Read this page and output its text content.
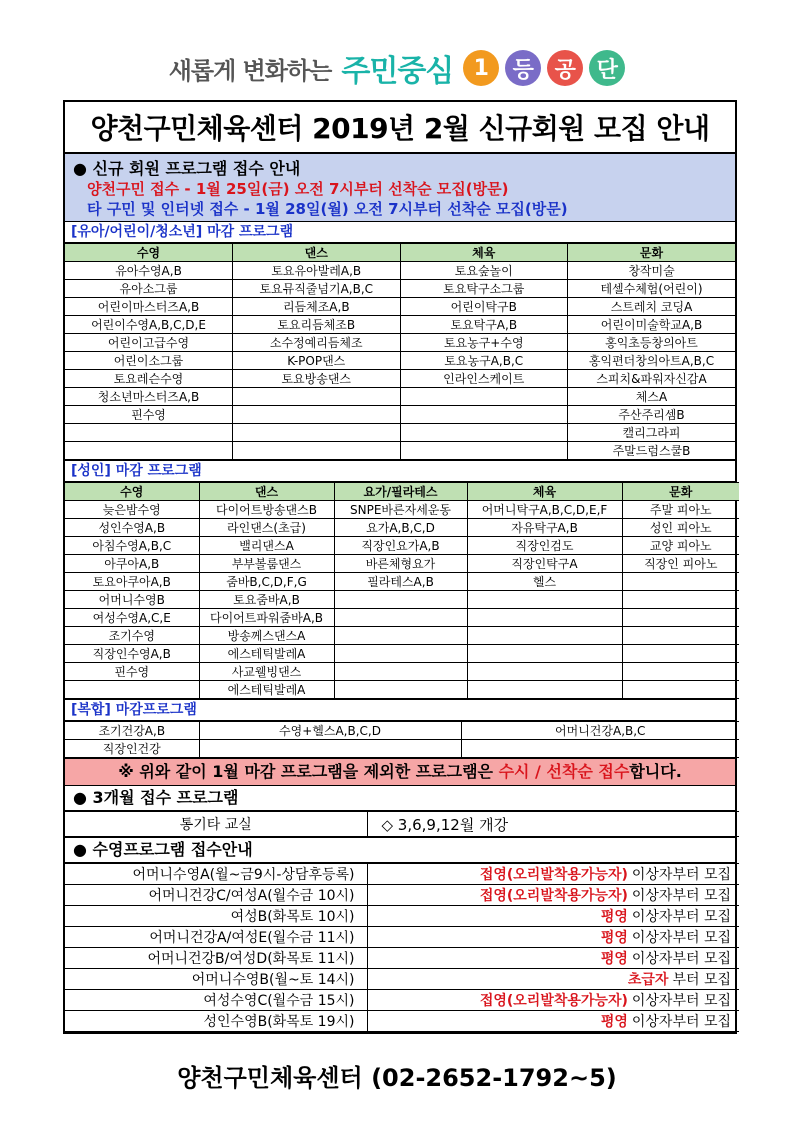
새롭게 변화하는 주민중심 1	등 공 단
양천구민체육센터 2019년 2월 신규회원 모집 안내
● 신규 회원 프로그램 접수 안내
양천구민 접수 - 1월 25일(금) 오전 7시부터 선착순 모집(방문)
타 구민 및 인터넷 접수 - 1월 28일(월) 오전 7시부터 선착순 모집(방문)
[유아/어린이/청소년] 마감 프로그램
수영	댄스	체육	문화
유아수영A,B	토요유아발레A,B	토요숲놀이	창작미술
유아소그룹	토요뮤직줄넘기A,B,C	토요탁구소그룹	테셀수체험(어린이)
어린이마스터즈A,B	리듬체조A,B	어린이탁구B	스트레치 코딩A
어린이수영A,B,C,D,E	토요리듬체조B	토요탁구A,B	어린이미술학교A,B
어린이고급수영	소수정예리듬체조	토요농구+수영	홍익초등창의아트
어린이소그룹	K-POP댄스	토요농구A,B,C	홍익편더창의아트A,B,C
토요레슨수영	토요방송댄스	인라인스케이트	스피치&파워자신감A
청소년마스터즈A,B			체스A
핀수영			주산주리셈B
			캘리그라피
			주말드럼스쿨B
[성인] 마감 프로그램
수영	댄스	요가/필라테스	체육	문화
늦은밤수영	다이어트방송댄스B	SNPE바른자세운동	어머니탁구A,B,C,D,E,F	주말 피아노
성인수영A,B	라인댄스(초급)	요가A,B,C,D	자유탁구A,B	성인 피아노
아침수영A,B,C	밸리댄스A	직장인요가A,B	직장인검도	교양 피아노
아쿠아A,B	부부볼룸댄스	바른체형요가	직장인탁구A	직장인 피아노
토요아쿠아A,B	줌바B,C,D,F,G	필라테스A,B	헬스	
어머니수영B	토요줌바A,B			
여성수영A,C,E	다이어트파워줌바A,B			
조기수영	방송께스댄스A			
직장인수영A,B	에스테틱발레A			
핀수영	사교웰빙댄스			
	에스테틱발레A			
[복합] 마감프로그램
조기건강A,B	수영+헬스A,B,C,D	어머니건강A,B,C
직장인건강		
※ 위와 같이 1월 마감 프로그램을 제외한 프로그램은 수시 / 선착순 접수합니다.
● 3개월 접수 프로그램
통기타 교실	◇ 3,6,9,12월 개강
● 수영프로그램 접수안내
어머니수영A(월~금9시-상담후등록)	접영(오리발착용가능자) 이상자부터 모집
어머니건강C/여성A(월수금 10시)	접영(오리발착용가능자) 이상자부터 모집
여성B(화목토 10시)	평영 이상자부터 모집
어머니건강A/여성E(월수금 11시)	평영 이상자부터 모집
어머니건강B/여성D(화목토 11시)	평영 이상자부터 모집
어머니수영B(월~토 14시)	초급자 부터 모집
여성수영C(월수금 15시)	접영(오리발착용가능자) 이상자부터 모집
성인수영B(화목토 19시)	평영 이상자부터 모집
양천구민체육센터 (02-2652-1792~5)
